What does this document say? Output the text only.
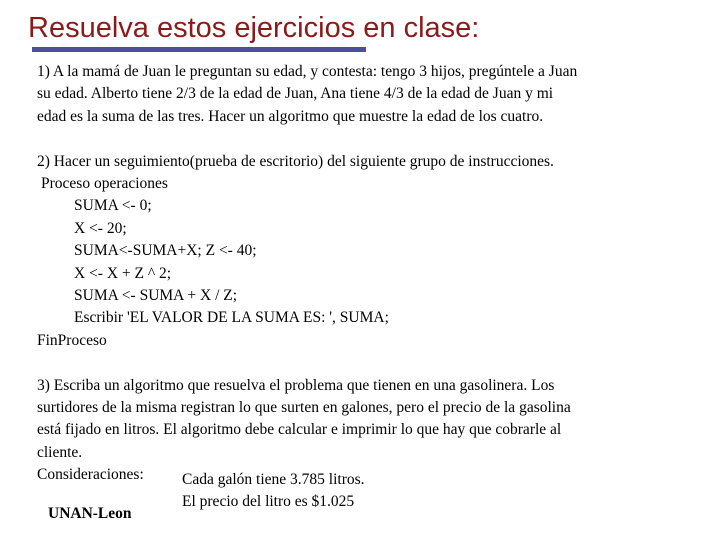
Resuelva estos ejercicios en clase:

1) A la mamá de Juan le preguntan su edad, y contesta: tengo 3 hijos, pregúntele a Juan

su edad. Alberto tiene 2/3 de la edad de Juan, Ana tiene 4/3 de la edad de Juan y mi

edad es la suma de las tres. Hacer un algoritmo que muestre la edad de los cuatro.

2) Hacer un seguimiento(prueba de escritorio) del siguiente grupo de instrucciones.

Proceso operaciones

SUMA <- 0;

X <- 20;

SUMA<-SUMA+X; Z <- 40;

X <- X + Z ^ 2;

SUMA <- SUMA + X / Z;

Escribir 'EL VALOR DE LA SUMA ES: ', SUMA;

FinProceso

3) Escriba un algoritmo que resuelva el problema que tienen en una gasolinera. Los

surtidores de la misma registran lo que surten en galones, pero el precio de la gasolina

está fijado en litros. El algoritmo debe calcular e imprimir lo que hay que cobrarle al

cliente.

Consideraciones:	Cada galón tiene 3.785 litros.

El precio del litro es $1.025

UNAN-Leon
